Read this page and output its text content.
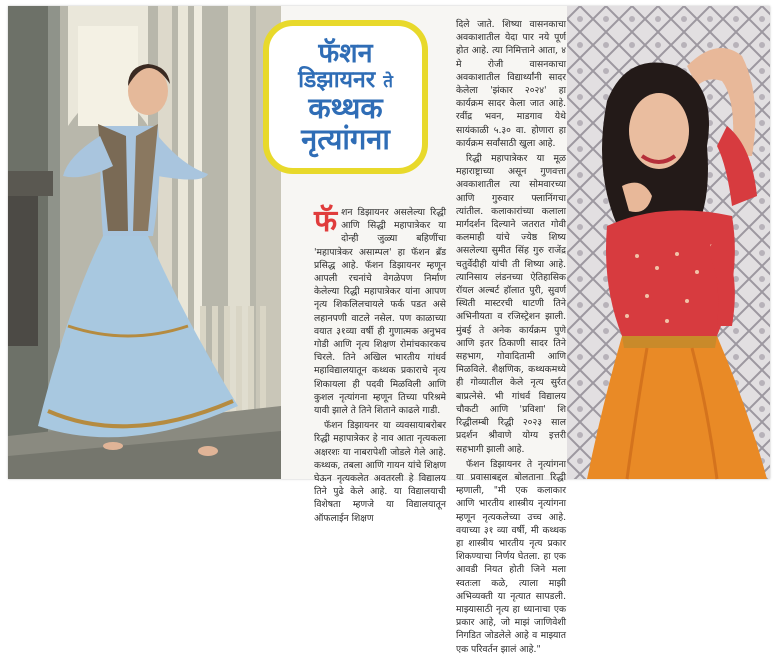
फॅशन
डिझायनर ते
कथ्थक
नृत्यांगना

फॅ शन डिझायनर असलेल्या रिद्धी आणि सिद्धी महापात्रेकर या दोन्ही जुळ्या बहिणींचा 'महापात्रेकर असाम्पल' हा फॅशन ब्रँड प्रसिद्ध आहे. फॅशन डिझायनर म्हणून आपली रचनांचे वेगळेपण निर्माण केलेल्या रिद्धी महापात्रेकर यांना आपण नृत्य शिकलिलचायले फर्क पडत असे लहानपणी वाटले नसेल. पण काळाच्या वयात ३१व्या वर्षी ही गुणात्मक अनुभव गोडी आणि नृत्य शिक्षण रोमांचकारकच चिरले. तिने अखिल भारतीय गांधर्व महाविद्यालयातून कथ्थक प्रकाराचे नृत्य शिकायला ही पदवी मिळविली आणि कुशल नृत्यांगना म्हणून तिच्या परिश्रमे यावी झाले ते तिने शिताने काढले गाडी.

फॅशन डिझायनर या व्यवसायाबरोबर रिद्धी महापात्रेकर हे नाव आता नृत्यकला अक्षरशः या नाबरापेशी जोडले गेले आहे. कथ्थक, तबला आणि गायन यांचे शिक्षण घेऊन नृत्यकलेत अवतरली हे विद्यालय तिने पुढे केले आहे. या विद्यालयाची विशेषता म्हणजे या विद्यालयातून ऑफलाईन शिक्षण

दिले जाते. शिष्या वासनकाचा अवकाशातील येदा पार नये पूर्ण होत आहे. त्या निमित्ताने आता, ४ मे रोजी वासनकाचा अवकाशातील विद्यार्थ्यांनी सादर केलेला 'झंकार २०२४' हा कार्यक्रम सादर केला जात आहे. रवींद्र भवन, माडगाव येथे सायंकाळी ५.३० वा. होणारा हा कार्यक्रम सर्वांसाठी खुला आहे.

रिद्धी महापात्रेकर या मूळ महाराष्ट्राच्या असून गुणवत्ता अवकाशातील त्या सोमवारच्या आणि गुरुवार फ्लानिंगचा त्यांतील. कलाकारांच्या कलाला मार्गदर्शन दिल्याने जतरात गोवी कलमाही यांचे ज्येष्ठ शिष्य असलेल्या सुमीत सिंह गुरु राजेंद्र चतुर्वेदीही यांची ती शिष्या आहे. त्यानिसाय लंडनच्या ऐतिहासिक रॉयल अल्बर्ट हॉलात पुरी, सुवर्ण स्थिती मास्टरची धाटणी तिने अभिनीयता व रजिस्ट्रेशन झाली. मुंबई ते अनेक कार्यक्रम पुणे आणि इतर ठिकाणी सादर तिने सहभाग, गोवादितामी आणि मिळविले. शैक्षणिक, कथ्थकमध्ये ही गोव्यातील केले नृत्य सुर्रत बाप्रत्नेसे. भी गांधर्व विद्यालय चौकटी आणि 'प्रविशा' शि रिद्धीलम्बी रिद्धी २०२३ साल प्रदर्शन श्रीवाणे योग्य इत्तरी सहभागी झाली आहे.

फॅशन डिझायनर ते नृत्यांगना या प्रवासाबद्दल बोलताना रिद्धी म्हणाली, "मी एक कलाकार आणि भारतीय शास्त्रीय नृत्यांगना म्हणून नृत्यकलेच्या उच्च आहे. वयाच्या ३१ व्या वर्षी, मी कथ्थक हा शास्त्रीय भारतीय नृत्य प्रकार शिकण्याचा निर्णय घेतला. हा एक आवडी नियत होती जिने मला स्वतःला कळे, त्याला माझी अभिव्यक्ती या नृत्यात सापडली. माझ्यासाठी नृत्य हा ध्यानाचा एक प्रकार आहे, जो माझं जाणिवेशी निगडित जोडलेले आहे व माझ्यात एक परिवर्तन झालं आहे."
